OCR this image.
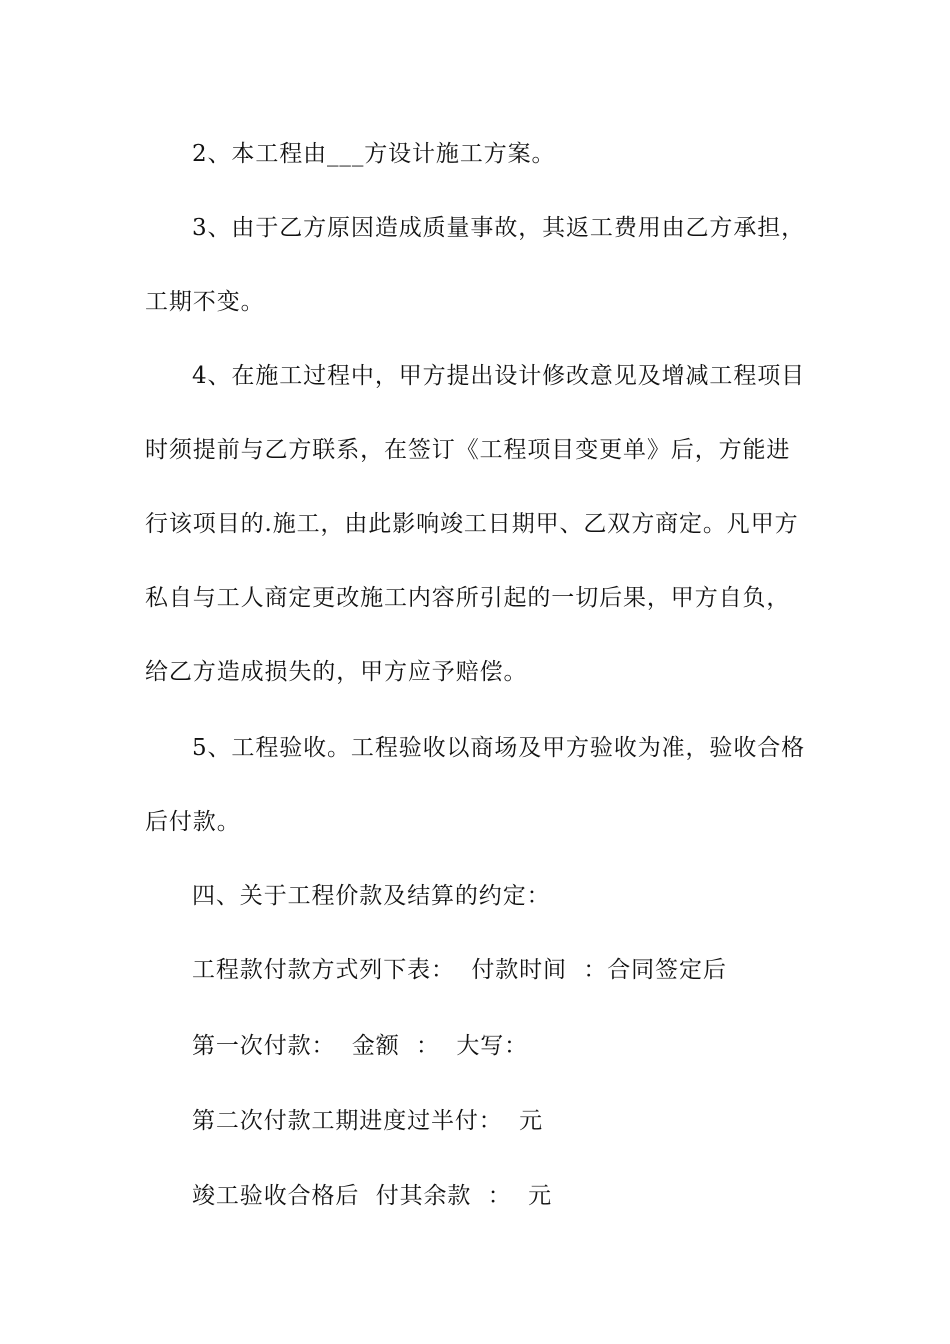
2、本工程由___方设计施工方案。
3、由于乙方原因造成质量事故，其返工费用由乙方承担，
工期不变。
4、在施工过程中，甲方提出设计修改意见及增减工程项目
时须提前与乙方联系，在签订《工程项目变更单》后，方能进
行该项目的.施工，由此影响竣工日期甲、乙双方商定。凡甲方
私自与工人商定更改施工内容所引起的一切后果，甲方自负，
给乙方造成损失的，甲方应予赔偿。
5、工程验收。工程验收以商场及甲方验收为准，验收合格
后付款。
四、关于工程价款及结算的约定：
工程款付款方式列下表：  付款时间  ：合同签定后
第一次付款：  金额  ：  大写：
第二次付款工期进度过半付：  元
竣工验收合格后  付其余款  ：  元
